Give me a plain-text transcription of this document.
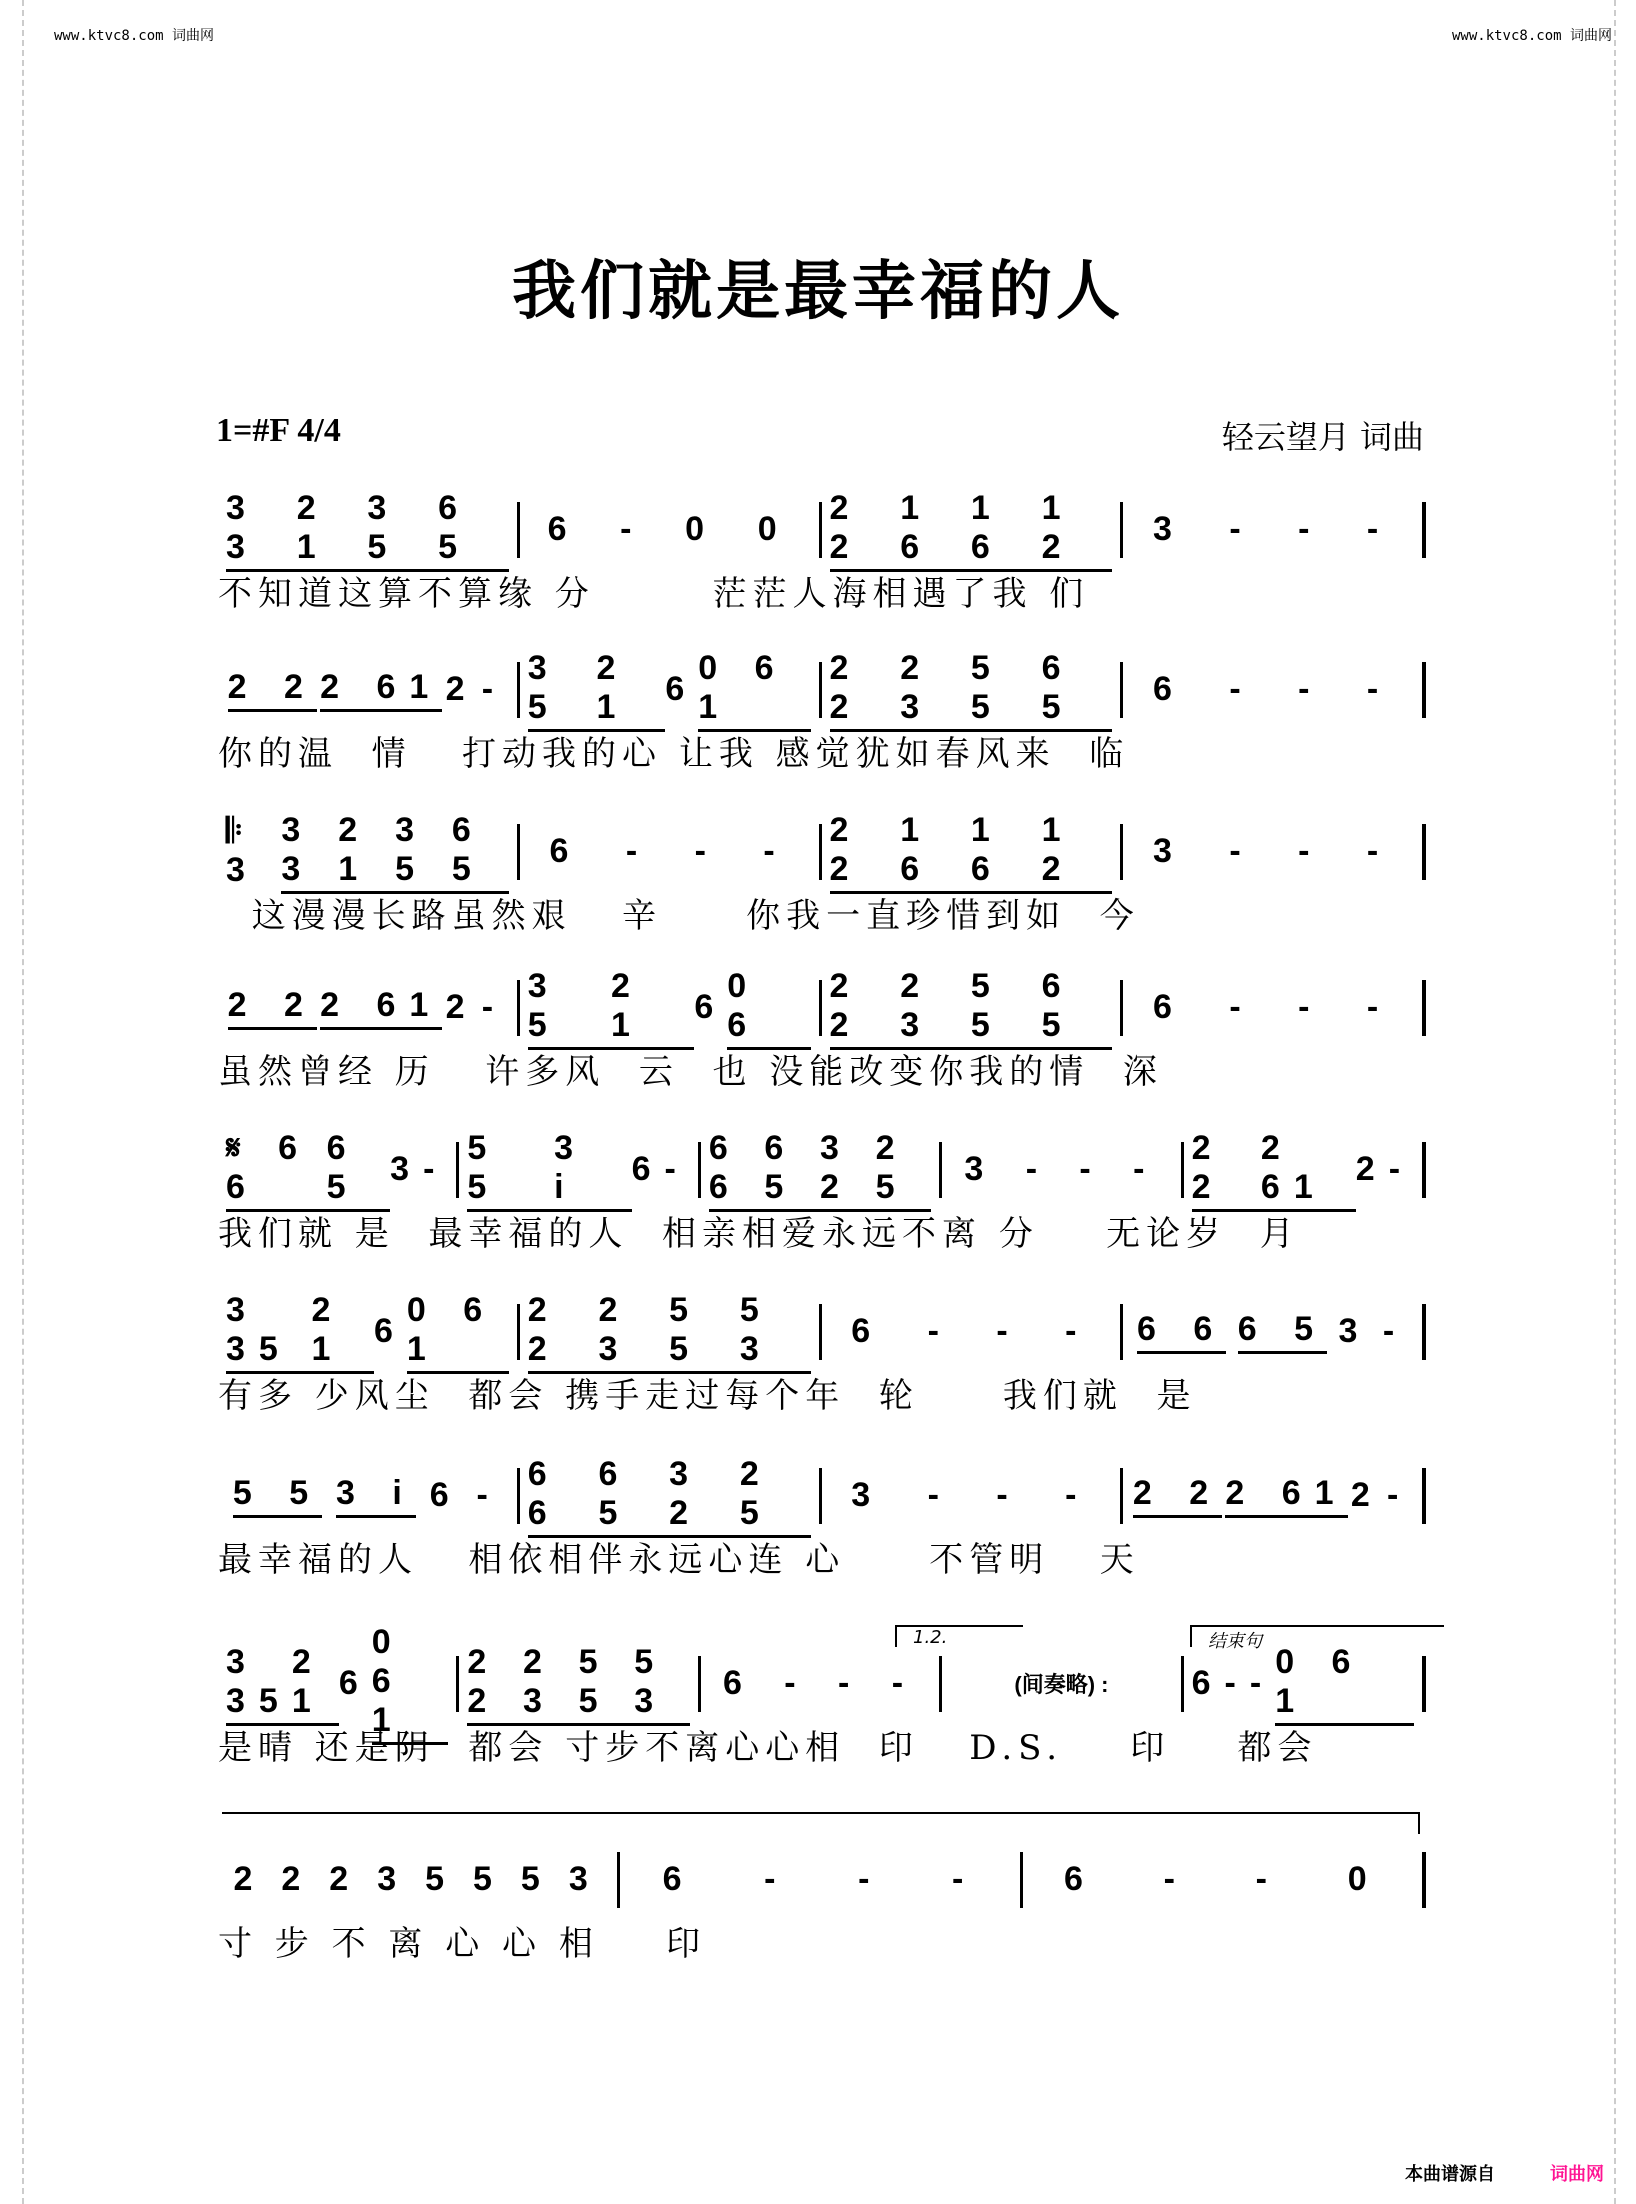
www.ktvc8.com 词曲网	www.ktvc8.com 词曲网
我们就是最幸福的人
1=#F 4/4	轻云望月 词曲
3 3
2 1
3 5
6 5	6 - 0 0
2 2
1 6
1 6
1 2	3 - - -
不知道这算不算缘 分       茫茫人海相遇了我 们
2 2 2 61 2 -
3 5
2 1	6
0 6 1
2 2
2 3
5 5
6 5	6 - - -
你的温  情   打动我的心 让我 感觉犹如春风来  临
𝄆 3
3 3
2 1
3 5
6 5	6 - - -
2 2
1 6
1 6
1 2	3 - - -
这漫漫长路虽然艰   辛     你我一直珍惜到如  今
2 2 2 61 2 -
3 5
2 1	6
0 6
2 2
2 3
5 5
6 5	6 - - -
虽然曾经 历   许多风  云  也 没能改变你我的情  深
𝄋 6 6
6 5 3 -
5 5
3 i	6 -
6 6
6 5
3 2
2 5	3 - - -
2 2
2 61 2 -
我们就 是  最幸福的人  相亲相爱永远不离 分    无论岁  月
3 35
2 1 6
0 6 1
2 2
2 3
5 5
5 3	6 - - - 6 6 6 5 3 -
有多 少风尘  都会 携手走过每个年  轮     我们就  是
5 5 3 i 6 -
6 6
6 5
3 2
2 5	3 - - - 2 2 2 61 2 -
最幸福的人   相依相伴永远心连 心     不管明   天
3 35
2 1 6
0 6 1
2 2
2 3
5 5
5 3	6 - - -	(间奏略) : 6 - -
0 6 1
是晴 还是阴  都会 寸步不离心心相  印   D.S.    印    都会
2 2 2 3 5 5 5 3 6 - - -	6 - - 0
寸 步 不 离 心 心 相    印
1.2.	结束句
本曲谱源自	词曲网
